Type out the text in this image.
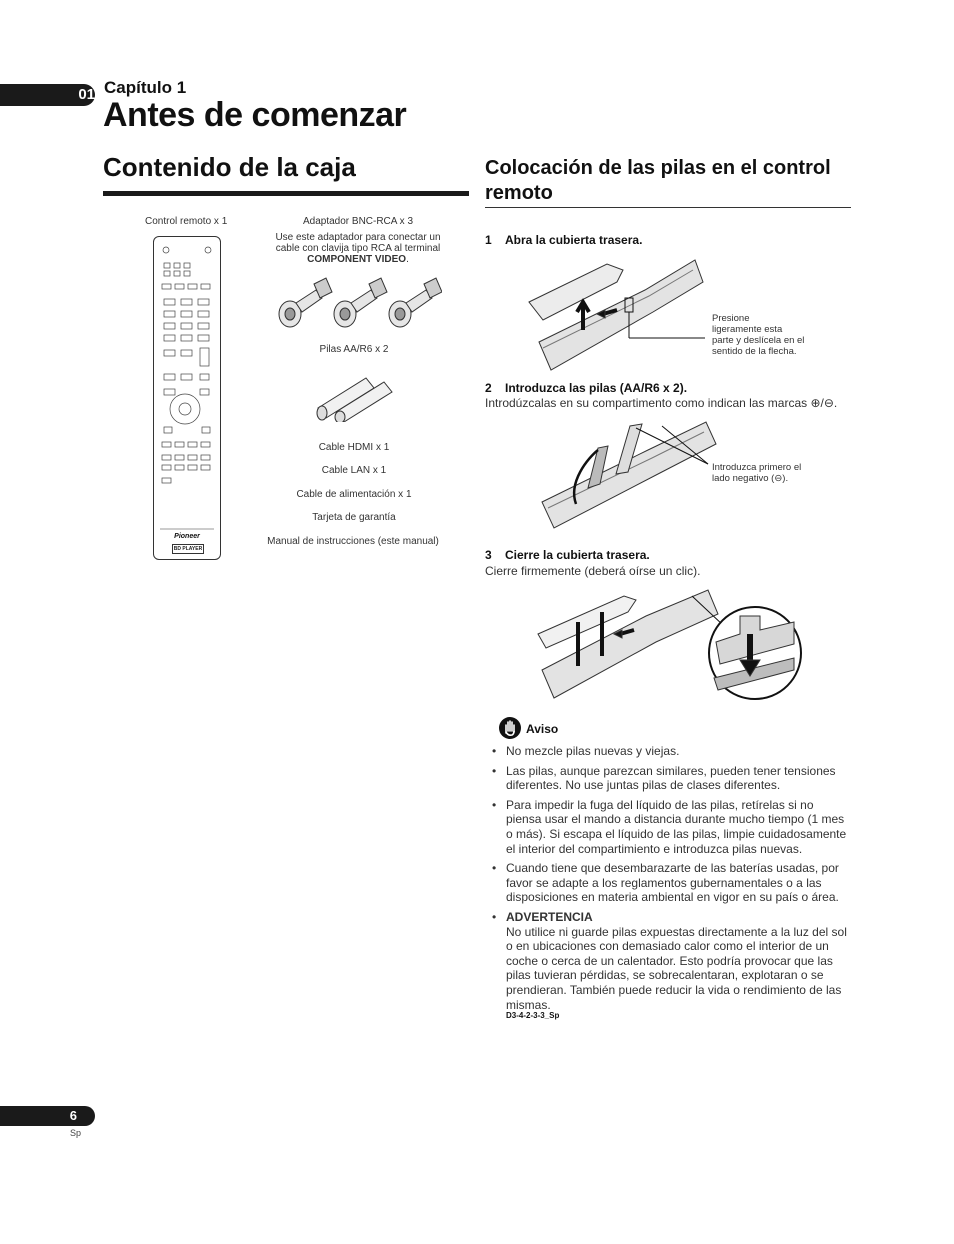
01 Capítulo 1
Antes de comenzar
Contenido de la caja
Control remoto x 1
Pioneer
BD PLAYER
Adaptador BNC-RCA x 3
Use este adaptador para conectar un
cable con clavija tipo RCA al terminal
COMPONENT VIDEO.
Pilas AA/R6 x 2
Cable HDMI x 1
Cable LAN x 1
Cable de alimentación x 1
Tarjeta de garantía
Manual de instrucciones (este manual)
Colocación de las pilas en el control remoto
1 Abra la cubierta trasera.
Presione
ligeramente esta
parte y deslícela en el
sentido de la flecha.
2 Introduzca las pilas (AA/R6 x 2).
Introdúzcalas en su compartimento como indican las marcas ⊕/⊖.
Introduzca primero el
lado negativo (⊖).
3 Cierre la cubierta trasera.
Cierre firmemente (deberá oírse un clic).
Aviso
• No mezcle pilas nuevas y viejas.
• Las pilas, aunque parezcan similares, pueden tener tensiones diferentes. No use juntas pilas de clases diferentes.
• Para impedir la fuga del líquido de las pilas, retírelas si no piensa usar el mando a distancia durante mucho tiempo (1 mes o más). Si escapa el líquido de las pilas, limpie cuidadosamente el interior del compartimiento e introduzca pilas nuevas.
• Cuando tiene que desembarazarte de las baterías usadas, por favor se adapte a los reglamentos gubernamentales o a las disposiciones en materia ambiental en vigor en su país o área.
• ADVERTENCIA
No utilice ni guarde pilas expuestas directamente a la luz del sol o en ubicaciones con demasiado calor como el interior de un coche o cerca de un calentador. Esto podría provocar que las pilas tuvieran pérdidas, se sobrecalentaran, explotaran o se prendieran. También puede reducir la vida o rendimiento de las mismas.
D3-4-2-3-3_Sp
6
Sp
